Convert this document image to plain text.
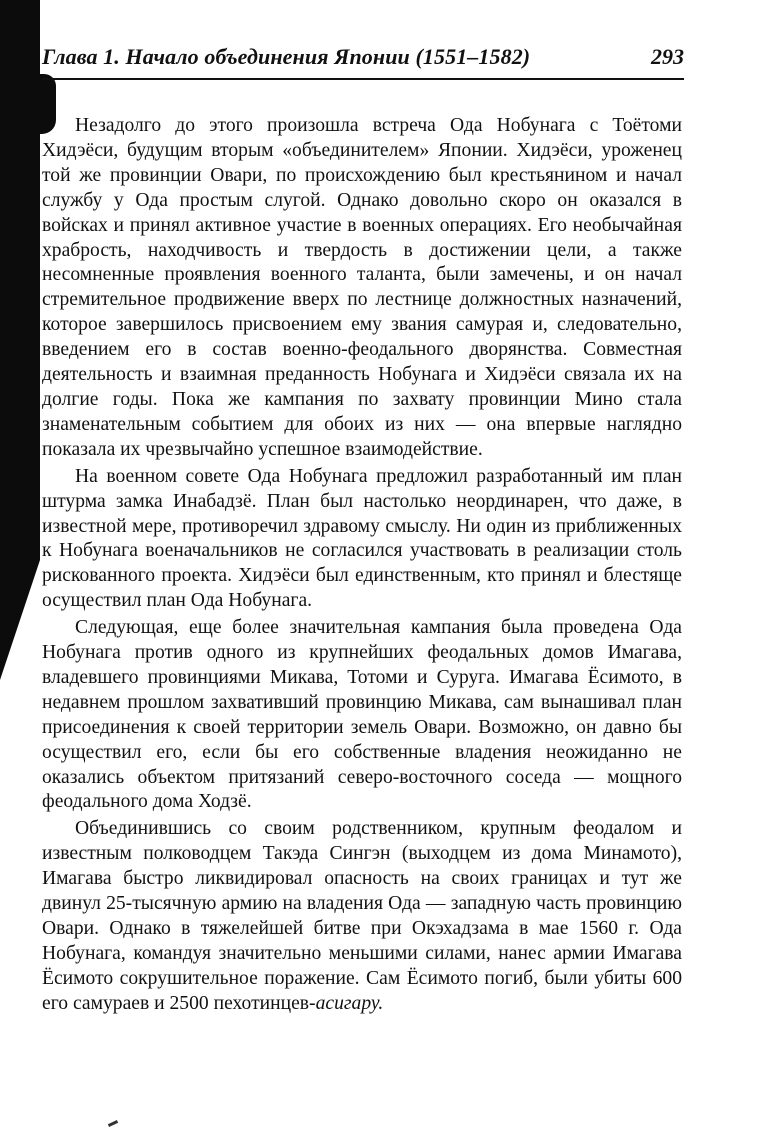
Глава 1. Начало объединения Японии (1551–1582)	293

Незадолго до этого произошла встреча Ода Нобунага с Тоётоми Хидэёси, будущим вторым «объединителем» Японии. Хидэёси, уроженец той же провинции Овари, по происхождению был крестьянином и начал службу у Ода простым слугой. Однако довольно скоро он оказался в войсках и принял активное участие в военных операциях. Его необычайная храбрость, находчивость и твердость в достижении цели, а также несомненные проявления военного таланта, были замечены, и он начал стремительное продвижение вверх по лестнице должностных назначений, которое завершилось присвоением ему звания самурая и, следовательно, введением его в состав военно-феодального дворянства. Совместная деятельность и взаимная преданность Нобунага и Хидэёси связала их на долгие годы. Пока же кампания по захвату провинции Мино стала знаменательным событием для обоих из них — она впервые наглядно показала их чрезвычайно успешное взаимодействие.

На военном совете Ода Нобунага предложил разработанный им план штурма замка Инабадзё. План был настолько неординарен, что даже, в известной мере, противоречил здравому смыслу. Ни один из приближенных к Нобунага военачальников не согласился участвовать в реализации столь рискованного проекта. Хидэёси был единственным, кто принял и блестяще осуществил план Ода Нобунага.

Следующая, еще более значительная кампания была проведена Ода Нобунага против одного из крупнейших феодальных домов Имагава, владевшего провинциями Микава, Тотоми и Суруга. Имагава Ёсимото, в недавнем прошлом захвативший провинцию Микава, сам вынашивал план присоединения к своей территории земель Овари. Возможно, он давно бы осуществил его, если бы его собственные владения неожиданно не оказались объектом притязаний северо-восточного соседа — мощного феодального дома Ходзё.

Объединившись со своим родственником, крупным феодалом и известным полководцем Такэда Сингэн (выходцем из дома Минамото), Имагава быстро ликвидировал опасность на своих границах и тут же двинул 25-тысячную армию на владения Ода — западную часть провинцию Овари. Однако в тяжелейшей битве при Окэхадзама в мае 1560 г. Ода Нобунага, командуя значительно меньшими силами, нанес армии Имагава Ёсимото сокрушительное поражение. Сам Ёсимото погиб, были убиты 600 его самураев и 2500 пехотинцев-асигару.
